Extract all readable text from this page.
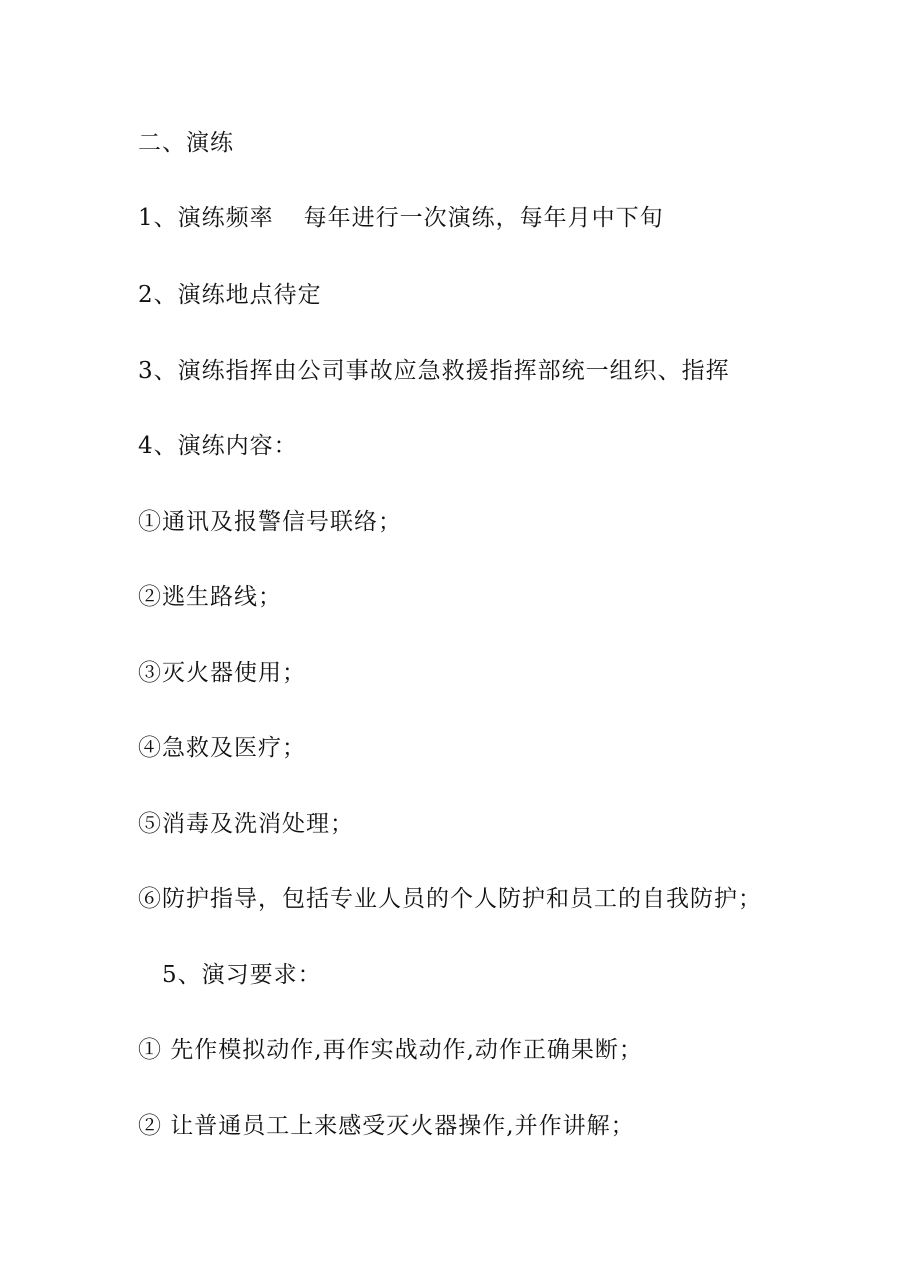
二、演练
1、演练频率 每年进行一次演练，每年月中下旬
2、演练地点待定
3、演练指挥由公司事故应急救援指挥部统一组织、指挥
4、演练内容：
①通讯及报警信号联络；
②逃生路线；
③灭火器使用；
④急救及医疗；
⑤消毒及洗消处理；
⑥防护指导，包括专业人员的个人防护和员工的自我防护；
5、演习要求：
① 先作模拟动作,再作实战动作,动作正确果断；
② 让普通员工上来感受灭火器操作,并作讲解；
